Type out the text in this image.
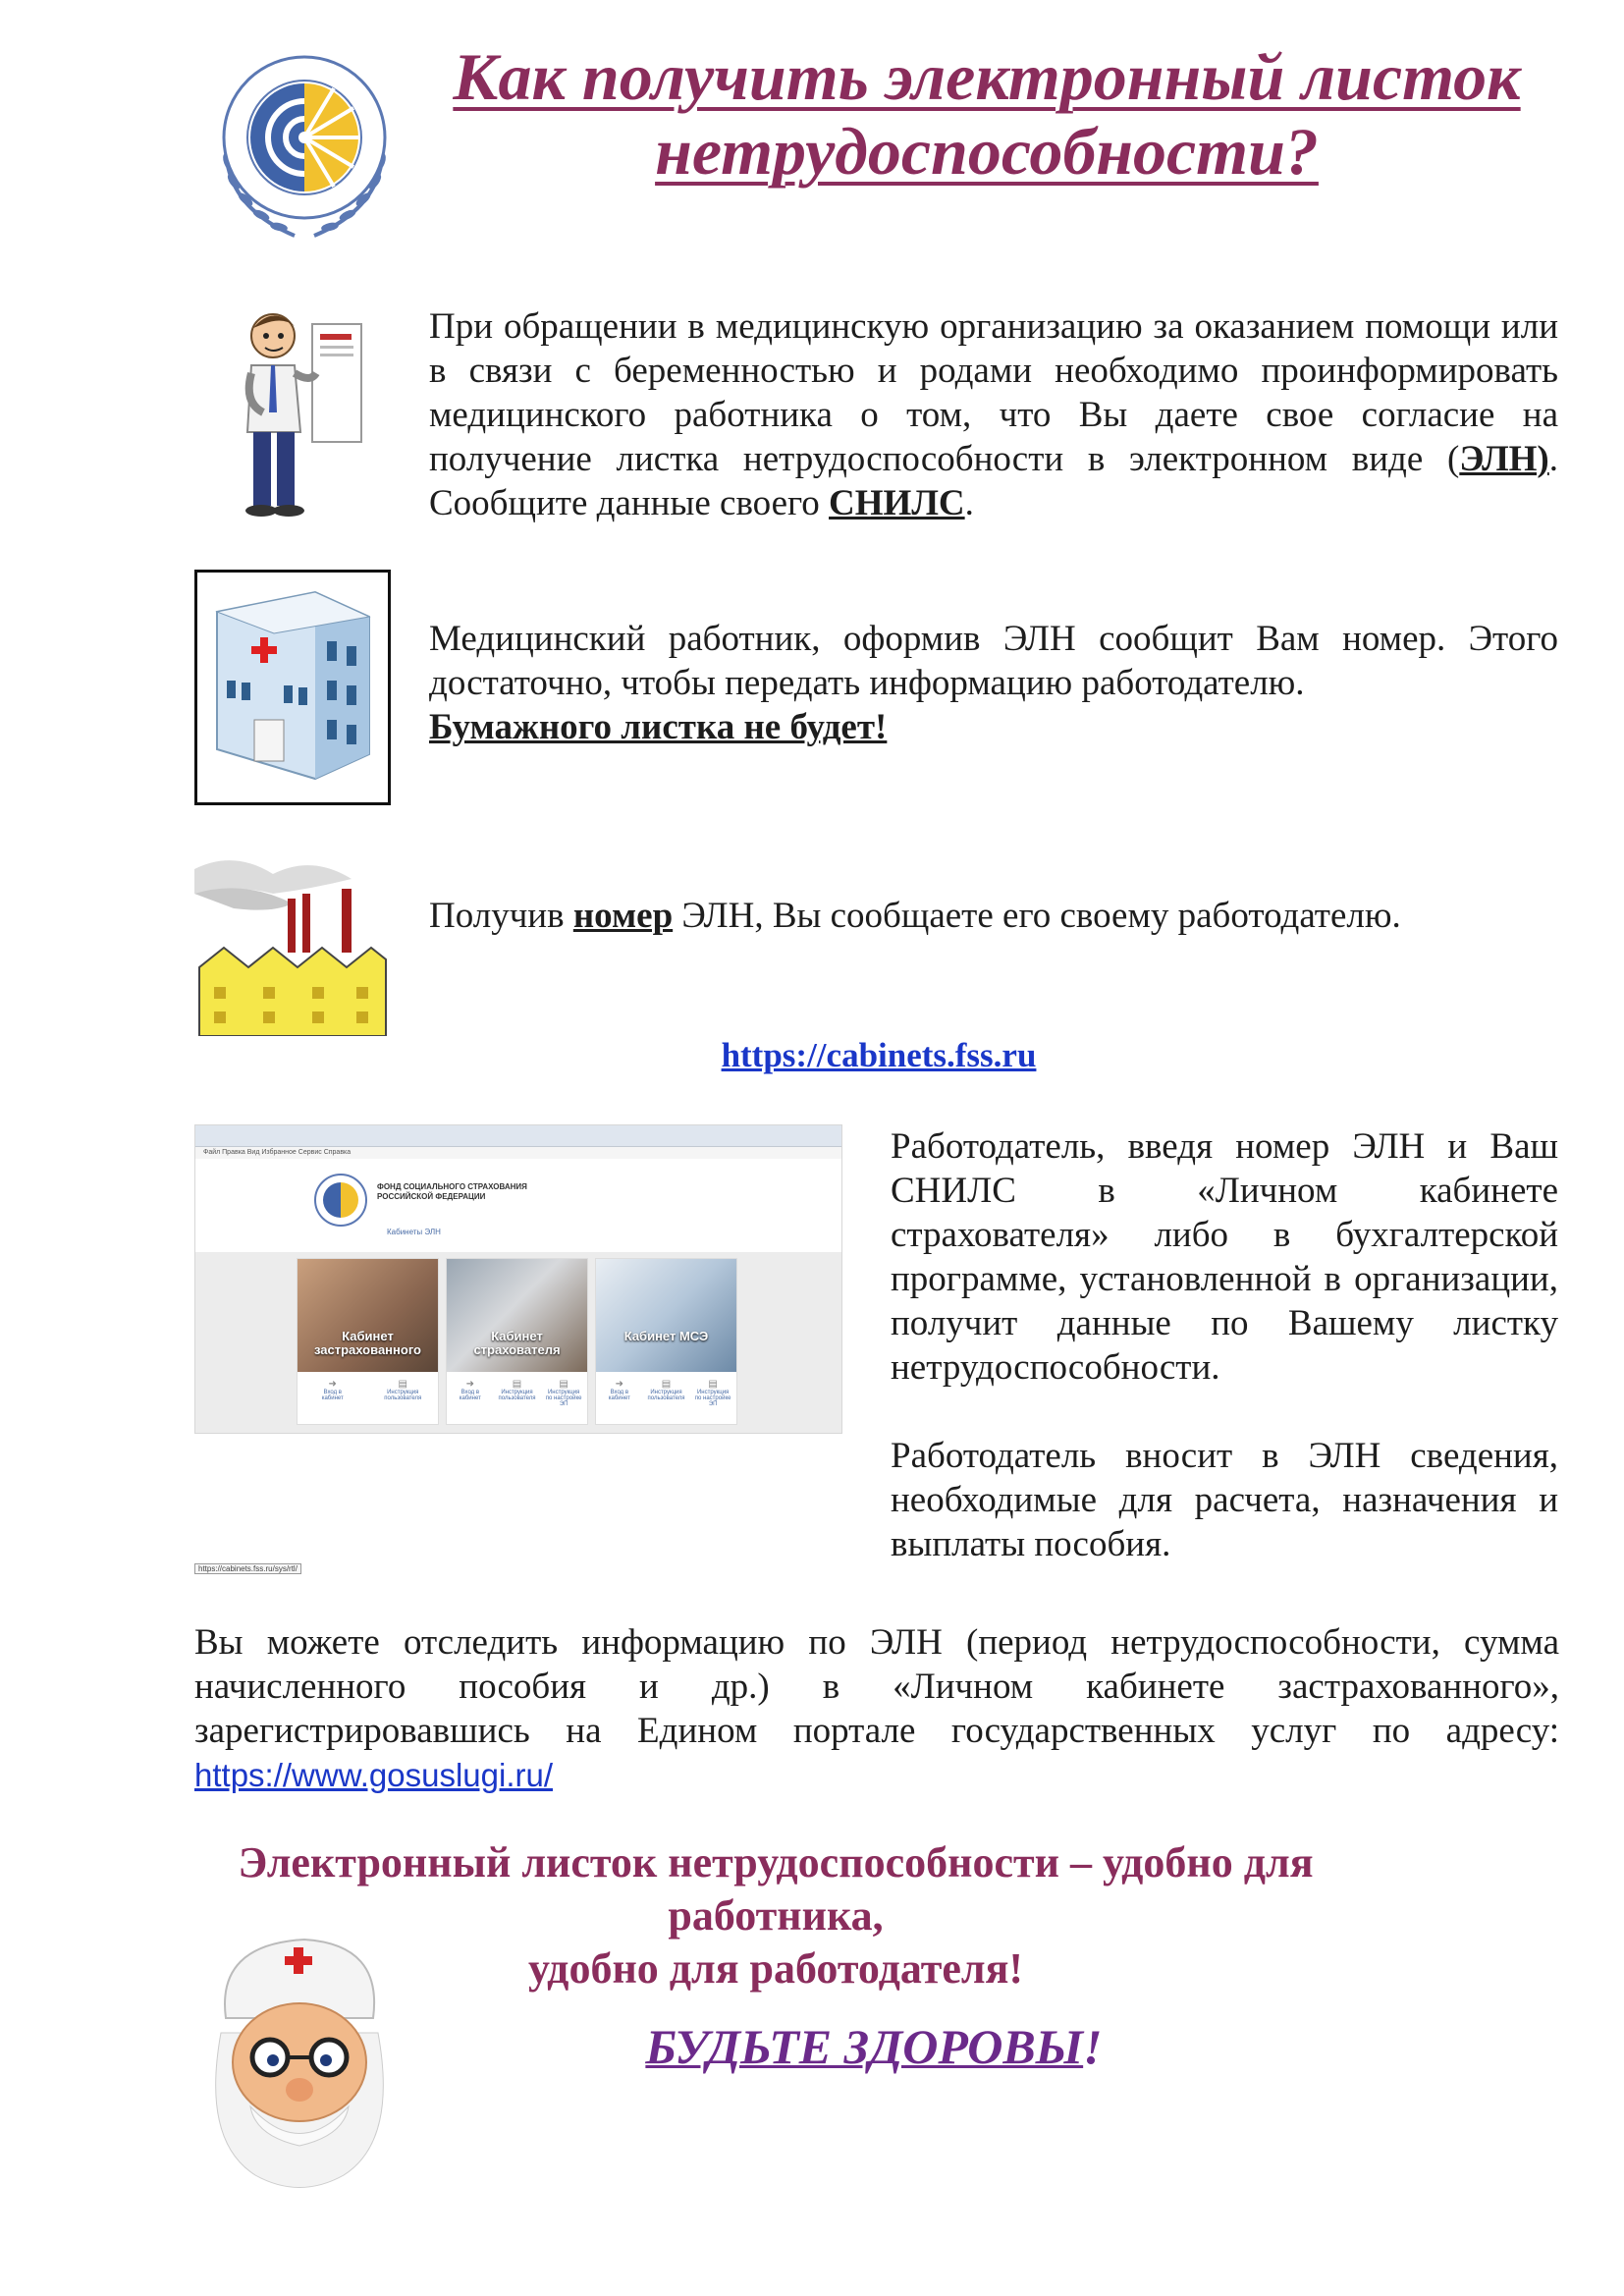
Как получить электронный листок
нетрудоспособности?
При обращении в медицинскую организацию за оказанием помощи или в связи с беременностью и родами необходимо проинформировать медицинского работника о том, что Вы даете свое согласие на получение листка нетрудоспособности в электронном виде (ЭЛН). Сообщите данные своего СНИЛС.
Медицинский работник, оформив ЭЛН сообщит Вам номер. Этого достаточно, чтобы передать информацию работодателю.
Бумажного листка не будет!
Получив номер ЭЛН, Вы сообщаете его своему работодателю.
https://cabinets.fss.ru
Файл Правка Вид Избранное Сервис Справка
ФОНД СОЦИАЛЬНОГО СТРАХОВАНИЯ
РОССИЙСКОЙ ФЕДЕРАЦИИ
Кабинеты ЭЛН
Кабинет застрахованного
➜
Вход в кабинет
▤
Инструкция пользователя
Кабинет страхователя
➜
Вход в кабинет
▤
Инструкция пользователя
▤
Инструкция по настройке ЭП
Кабинет МСЭ
➜
Вход в кабинет
▤
Инструкция пользователя
▤
Инструкция по настройке ЭП
https://cabinets.fss.ru/sys/rtl/
Работодатель, введя номер ЭЛН и Ваш СНИЛС в «Личном кабинете страхователя» либо в бухгалтерской программе, установленной в организации, получит данные по Вашему листку нетрудоспособности.
Работодатель вносит в ЭЛН сведения, необходимые для расчета, назначения и выплаты пособия.
Вы можете отследить информацию по ЭЛН (период нетрудоспособности, сумма начисленного пособия и др.) в «Личном кабинете застрахованного», зарегистрировавшись на Едином портале государственных услуг по адресу: https://www.gosuslugi.ru/
Электронный листок нетрудоспособности – удобно для работника,
удобно для работодателя!
БУДЬТЕ ЗДОРОВЫ!
